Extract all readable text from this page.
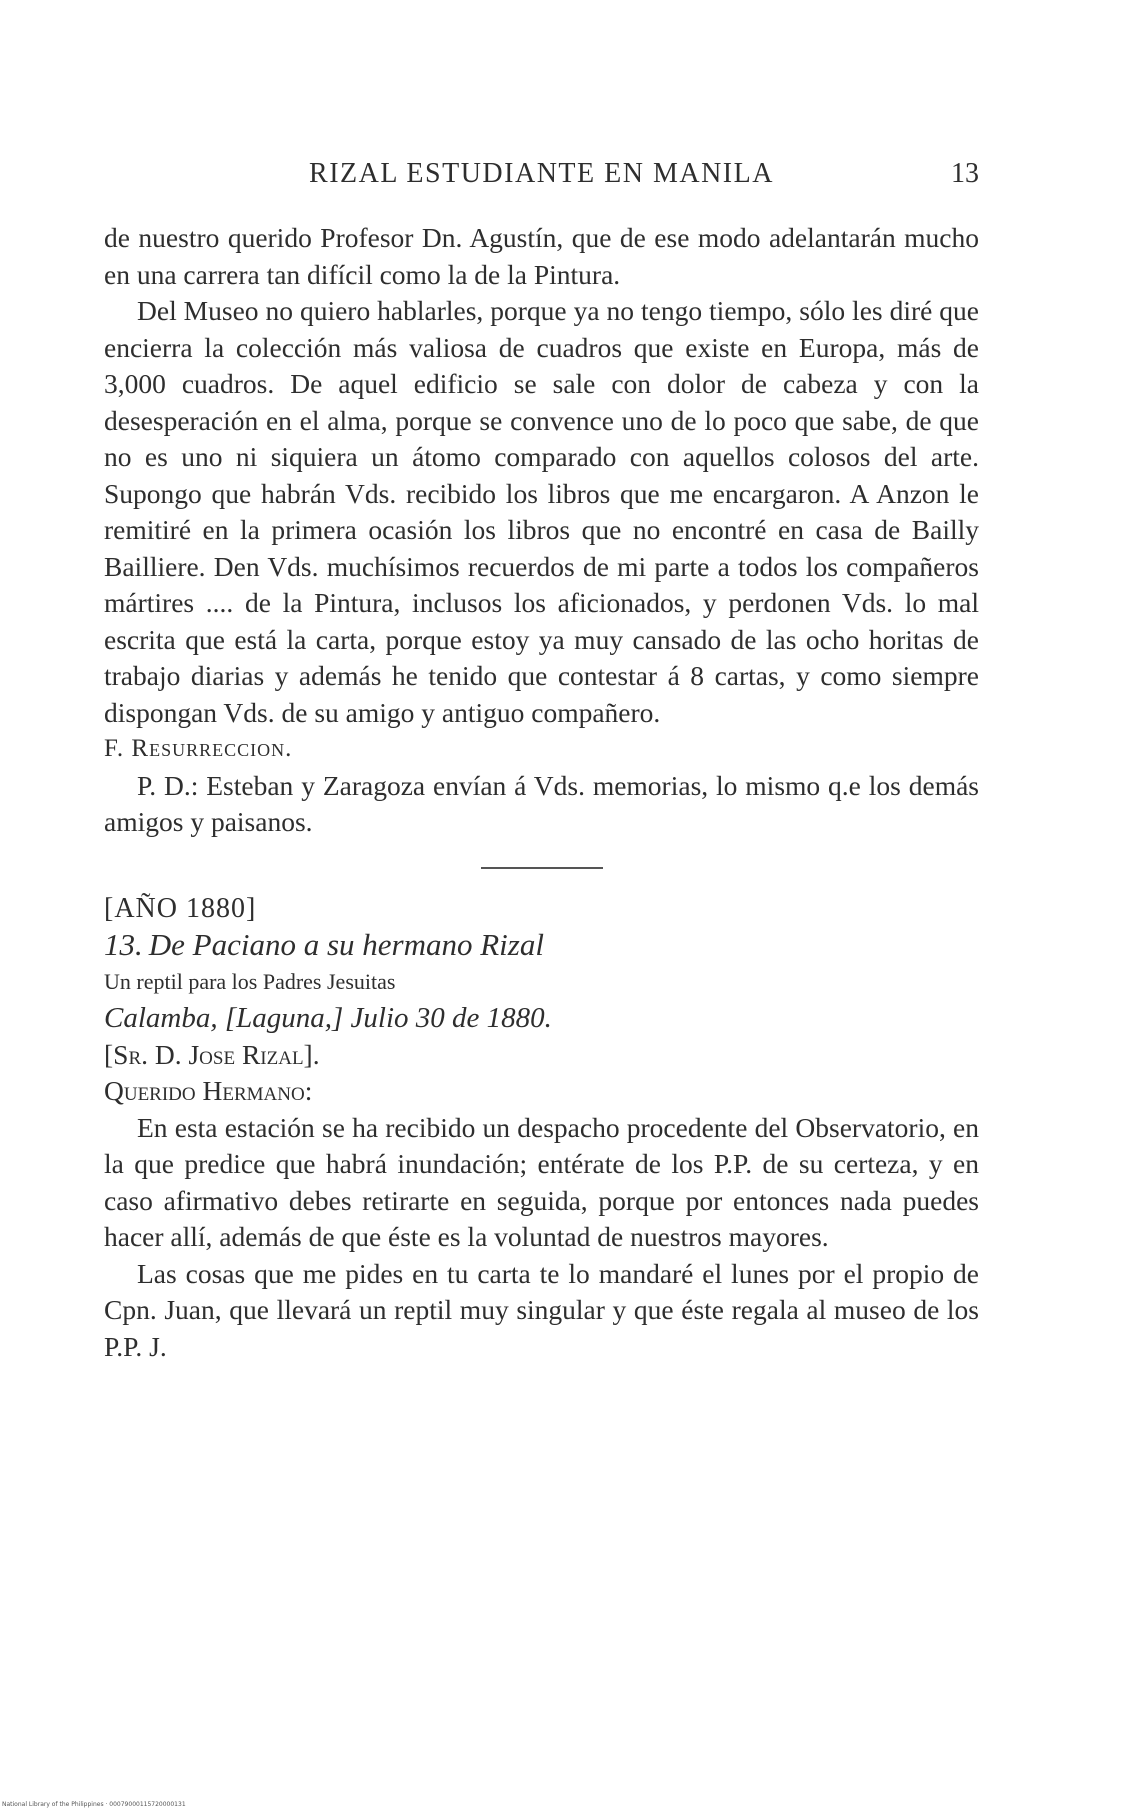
RIZAL ESTUDIANTE EN MANILA	13

de nuestro querido Profesor Dn. Agustín, que de ese modo adelantarán mucho en una carrera tan difícil como la de la Pintura.

Del Museo no quiero hablarles, porque ya no tengo tiempo, sólo les diré que encierra la colección más valiosa de cuadros que existe en Europa, más de 3,000 cuadros. De aquel edificio se sale con dolor de cabeza y con la desesperación en el alma, porque se convence uno de lo poco que sabe, de que no es uno ni siquiera un átomo comparado con aquellos colosos del arte. Supongo que habrán Vds. recibido los libros que me encargaron. A Anzon le remitiré en la primera ocasión los libros que no encontré en casa de Bailly Bailliere. Den Vds. muchísimos recuerdos de mi parte a todos los compañeros mártires .... de la Pintura, inclusos los aficionados, y perdonen Vds. lo mal escrita que está la carta, porque estoy ya muy cansado de las ocho horitas de trabajo diarias y además he tenido que contestar á 8 cartas, y como siempre dispongan Vds. de su amigo y antiguo compañero.

F. Resurreccion.

P. D.: Esteban y Zaragoza envían á Vds. memorias, lo mismo q.e los demás amigos y paisanos.

[AÑO 1880]

13. De Paciano a su hermano Rizal

Un reptil para los Padres Jesuitas

Calamba, [Laguna,] Julio 30 de 1880.

[Sr. D. Jose Rizal].

Querido Hermano:

En esta estación se ha recibido un despacho procedente del Observatorio, en la que predice que habrá inundación; entérate de los P.P. de su certeza, y en caso afirmativo debes retirarte en seguida, porque por entonces nada puedes hacer allí, además de que éste es la voluntad de nuestros mayores.

Las cosas que me pides en tu carta te lo mandaré el lunes por el propio de Cpn. Juan, que llevará un reptil muy singular y que éste regala al museo de los P.P. J.

National Library of the Philippines · 00079000115720000131
